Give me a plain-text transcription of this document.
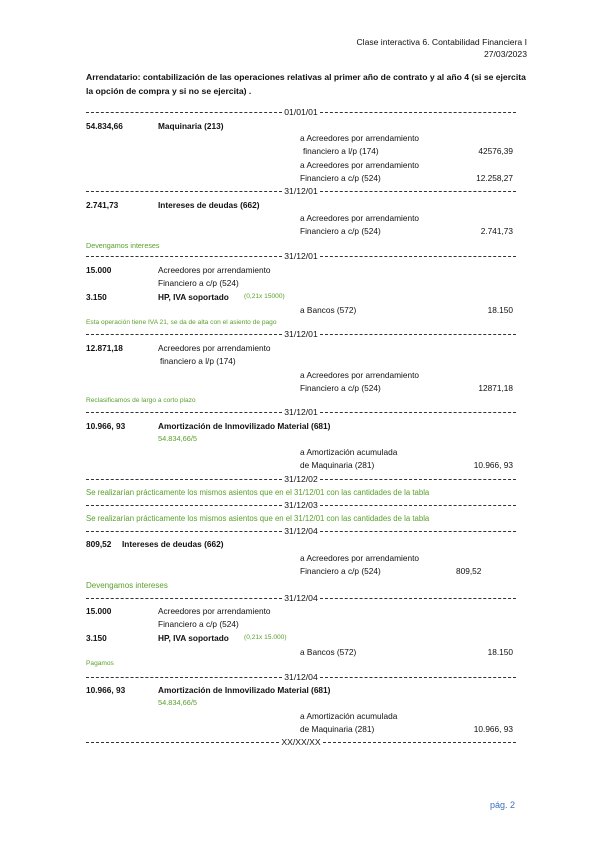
Clase interactiva 6. Contabilidad Financiera I
27/03/2023
Arrendatario: contabilización de las operaciones relativas al primer año de contrato y al año 4 (si se ejercita la opción de compra y si no se ejercita) .
01/01/01
54.834,66	Maquinaria (213)
a Acreedores por arrendamiento
financiero a l/p (174)	42576,39
a Acreedores por arrendamiento
Financiero a c/p (524)	12.258,27
31/12/01
2.741,73	Intereses de deudas (662)
a Acreedores por arrendamiento
Financiero a c/p (524)	2.741,73
Devengamos intereses
31/12/01
15.000	Acreedores por arrendamiento
Financiero a c/p (524)
3.150	HP, IVA soportado (0,21x 15000)
a Bancos (572)	18.150
Esta operación tiene IVA 21, se da de alta con el asiento de pago
31/12/01
12.871,18	Acreedores por arrendamiento
financiero a l/p (174)
a Acreedores por arrendamiento
Financiero a c/p (524)	12871,18
Reclasificamos de largo a corto plazo
31/12/01
10.966, 93	Amortización de Inmovilizado Material (681)
54.834,66/5
a Amortización acumulada
de Maquinaria (281)	10.966, 93
31/12/02
Se realizarían prácticamente los mismos asientos que en el 31/12/01 con las cantidades de la tabla
31/12/03
Se realizarían prácticamente los mismos asientos que en el 31/12/01 con las cantidades de la tabla
31/12/04
809,52 Intereses de deudas (662)
a Acreedores por arrendamiento
Financiero a c/p (524)	809,52
Devengamos intereses
31/12/04
15.000	Acreedores por arrendamiento
Financiero a c/p (524)
3.150	HP, IVA soportado (0,21x 15.000)
a Bancos (572)	18.150
Pagamos
31/12/04
10.966, 93	Amortización de Inmovilizado Material (681)
54.834,66/5
a Amortización acumulada
de Maquinaria (281)	10.966, 93
XX/XX/XX
pág. 2
